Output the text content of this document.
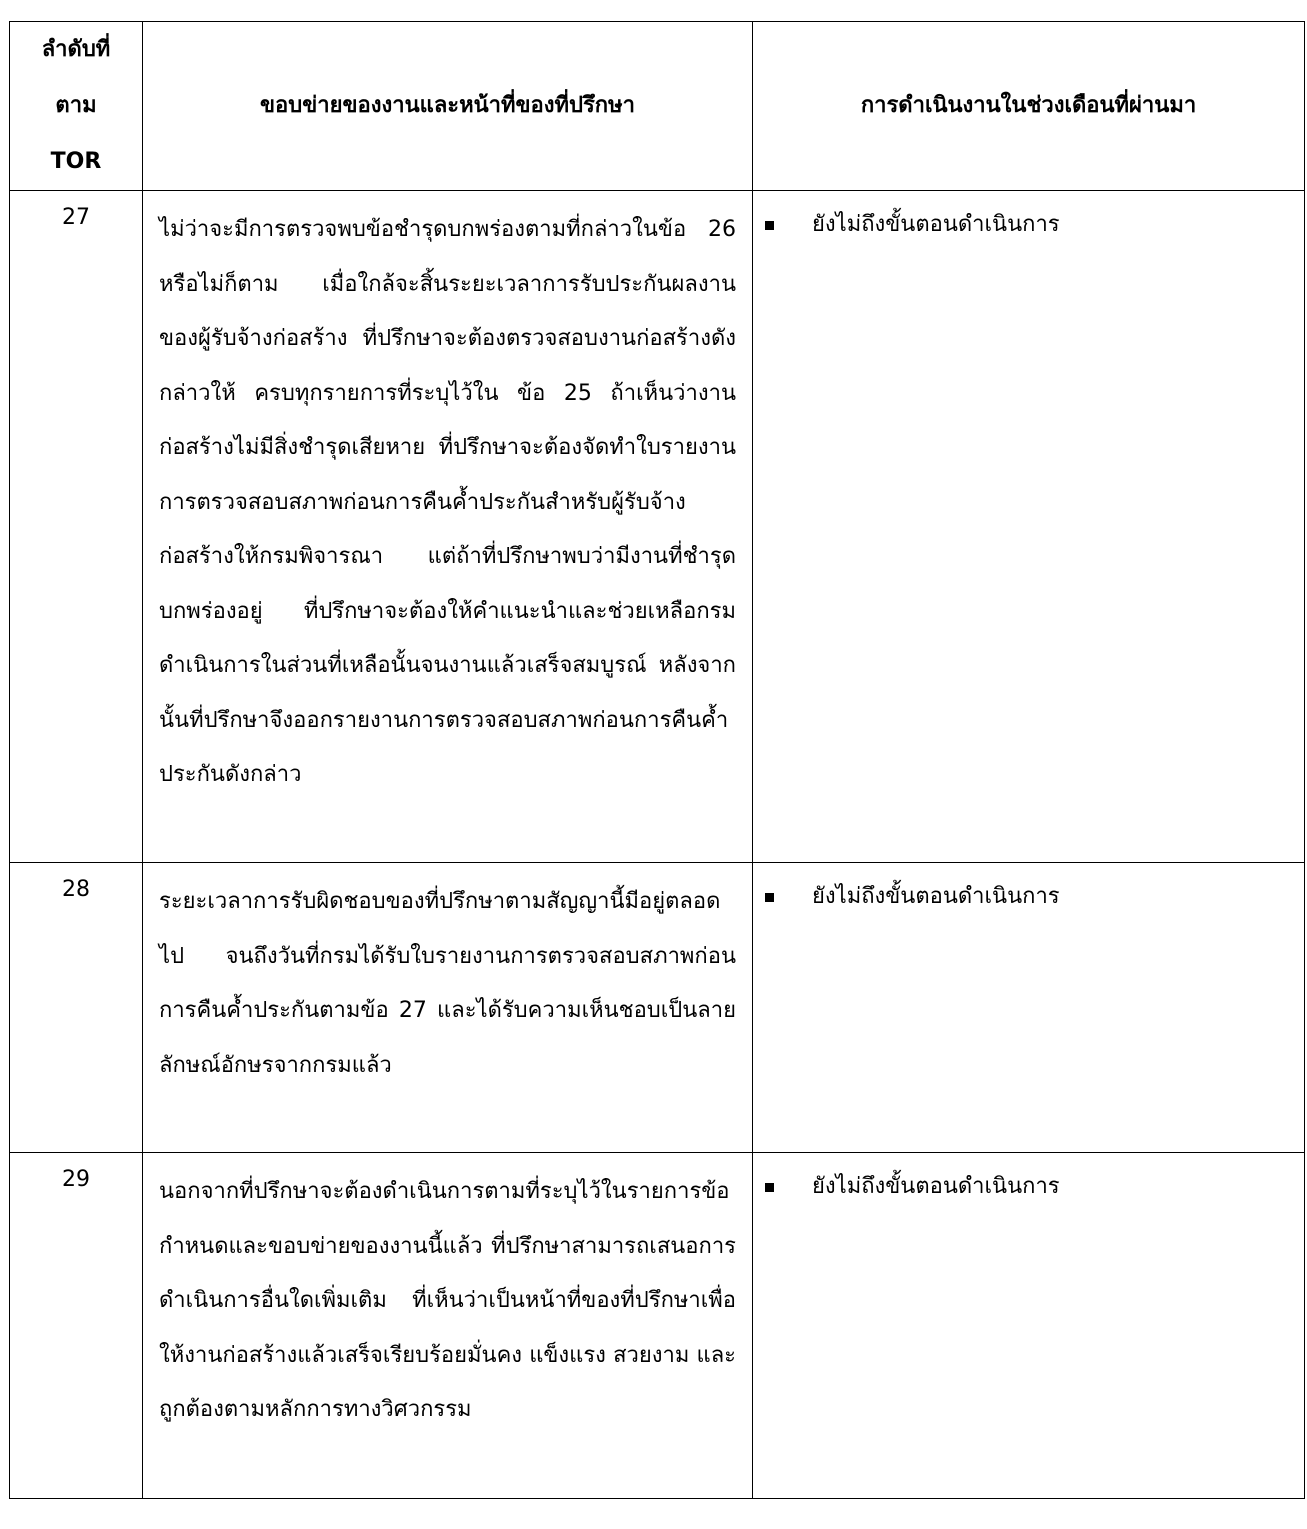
ลำดับที่
ตาม
TOR	ขอบข่ายของงานและหน้าที่ของที่ปรึกษา	การดำเนินงานในช่วงเดือนที่ผ่านมา
27	ไม่ว่าจะมีการตรวจพบข้อชำรุดบกพร่องตามที่กล่าวในข้อ 26 หรือไม่ก็ตาม เมื่อใกล้จะสิ้นระยะเวลาการรับประกันผลงานของผู้รับจ้างก่อสร้าง ที่ปรึกษาจะต้องตรวจสอบงานก่อสร้างดังกล่าวให้ ครบทุกรายการที่ระบุไว้ใน ข้อ 25 ถ้าเห็นว่างานก่อสร้างไม่มีสิ่งชำรุดเสียหาย ที่ปรึกษาจะต้องจัดทำใบรายงานการตรวจสอบสภาพก่อนการคืนค้ำประกันสำหรับผู้รับจ้างก่อสร้างให้กรมพิจารณา แต่ถ้าที่ปรึกษาพบว่ามีงานที่ชำรุดบกพร่องอยู่ ที่ปรึกษาจะต้องให้คำแนะนำและช่วยเหลือกรมดำเนินการในส่วนที่เหลือนั้นจนงานแล้วเสร็จสมบูรณ์ หลังจากนั้นที่ปรึกษาจึงออกรายงานการตรวจสอบสภาพก่อนการคืนค้ำประกันดังกล่าว	ยังไม่ถึงขั้นตอนดำเนินการ

28	ระยะเวลาการรับผิดชอบของที่ปรึกษาตามสัญญานี้มีอยู่ตลอดไป จนถึงวันที่กรมได้รับใบรายงานการตรวจสอบสภาพก่อนการคืนค้ำประกันตามข้อ 27 และได้รับความเห็นชอบเป็นลายลักษณ์อักษรจากกรมแล้ว	ยังไม่ถึงขั้นตอนดำเนินการ

29	นอกจากที่ปรึกษาจะต้องดำเนินการตามที่ระบุไว้ในรายการข้อกำหนดและขอบข่ายของงานนี้แล้ว ที่ปรึกษาสามารถเสนอการดำเนินการอื่นใดเพิ่มเติม ที่เห็นว่าเป็นหน้าที่ของที่ปรึกษาเพื่อให้งานก่อสร้างแล้วเสร็จเรียบร้อยมั่นคง แข็งแรง สวยงาม และถูกต้องตามหลักการทางวิศวกรรม	ยังไม่ถึงขั้นตอนดำเนินการ
